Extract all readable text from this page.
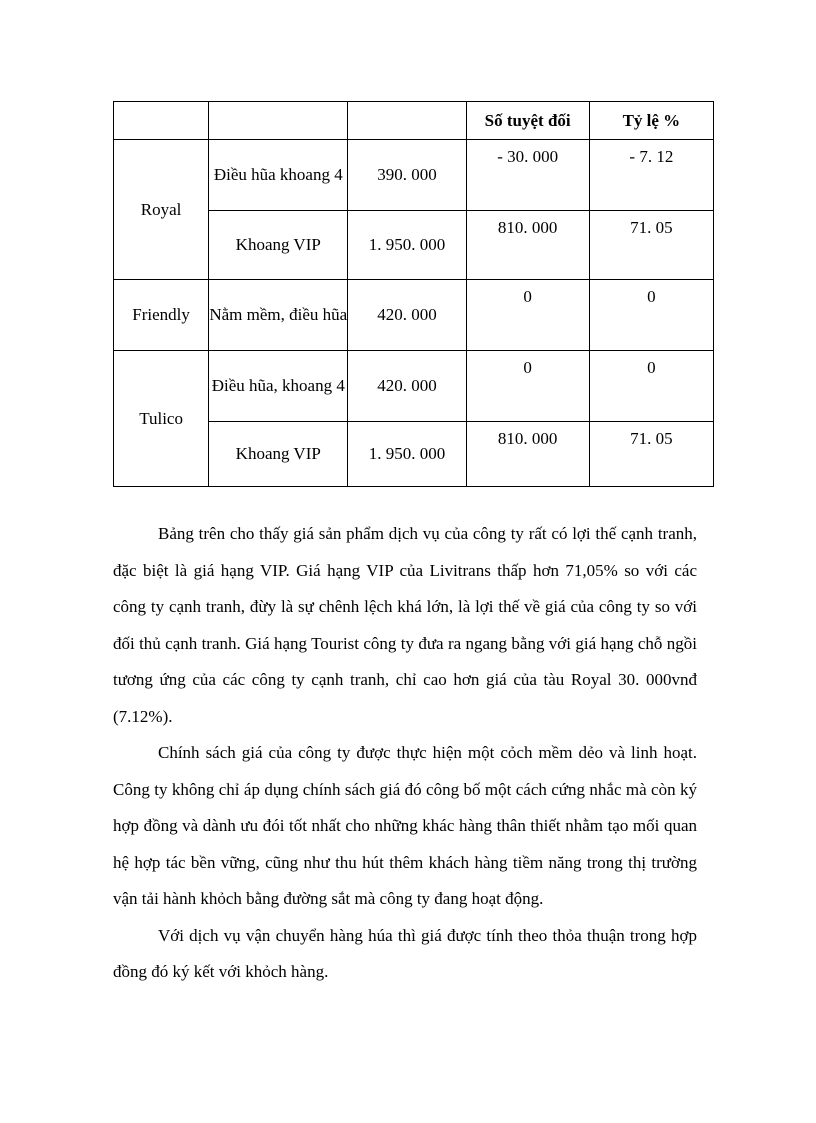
			Số tuyệt đối	Tỷ lệ %
Royal	Điều hũa khoang 4	390. 000	- 30. 000	- 7. 12
	Khoang VIP	1. 950. 000	810. 000	71. 05
Friendly	Nằm mềm, điều hũa	420. 000	0	0
Tulico	Điều hũa, khoang 4	420. 000	0	0
	Khoang VIP	1. 950. 000	810. 000	71. 05

Bảng trên cho thấy giá sản phẩm dịch vụ của công ty rất có lợi thế cạnh tranh, đặc biệt là giá hạng VIP. Giá hạng VIP của Livitrans thấp hơn 71,05% so với các công ty cạnh tranh, đừy là sự chênh lệch khá lớn, là lợi thế về giá của công ty so với đối thủ cạnh tranh. Giá hạng Tourist công ty đưa ra ngang bằng với giá hạng chỗ ngồi tương ứng của các công ty cạnh tranh, chỉ cao hơn giá của tàu Royal 30. 000vnđ (7.12%).

Chính sách giá của công ty được thực hiện một cỏch mềm dẻo và linh hoạt. Công ty không chỉ áp dụng chính sách giá đó công bố một cách cứng nhắc mà còn ký hợp đồng và dành ưu đói tốt nhất cho những khác hàng thân thiết nhằm tạo mối quan hệ hợp tác bền vững, cũng như thu hút thêm khách hàng tiềm năng trong thị trường vận tải hành khỏch bằng đường sắt mà công ty đang hoạt động.

Với dịch vụ vận chuyển hàng húa thì giá được tính theo thỏa thuận trong hợp đồng đó ký kết với khỏch hàng.
